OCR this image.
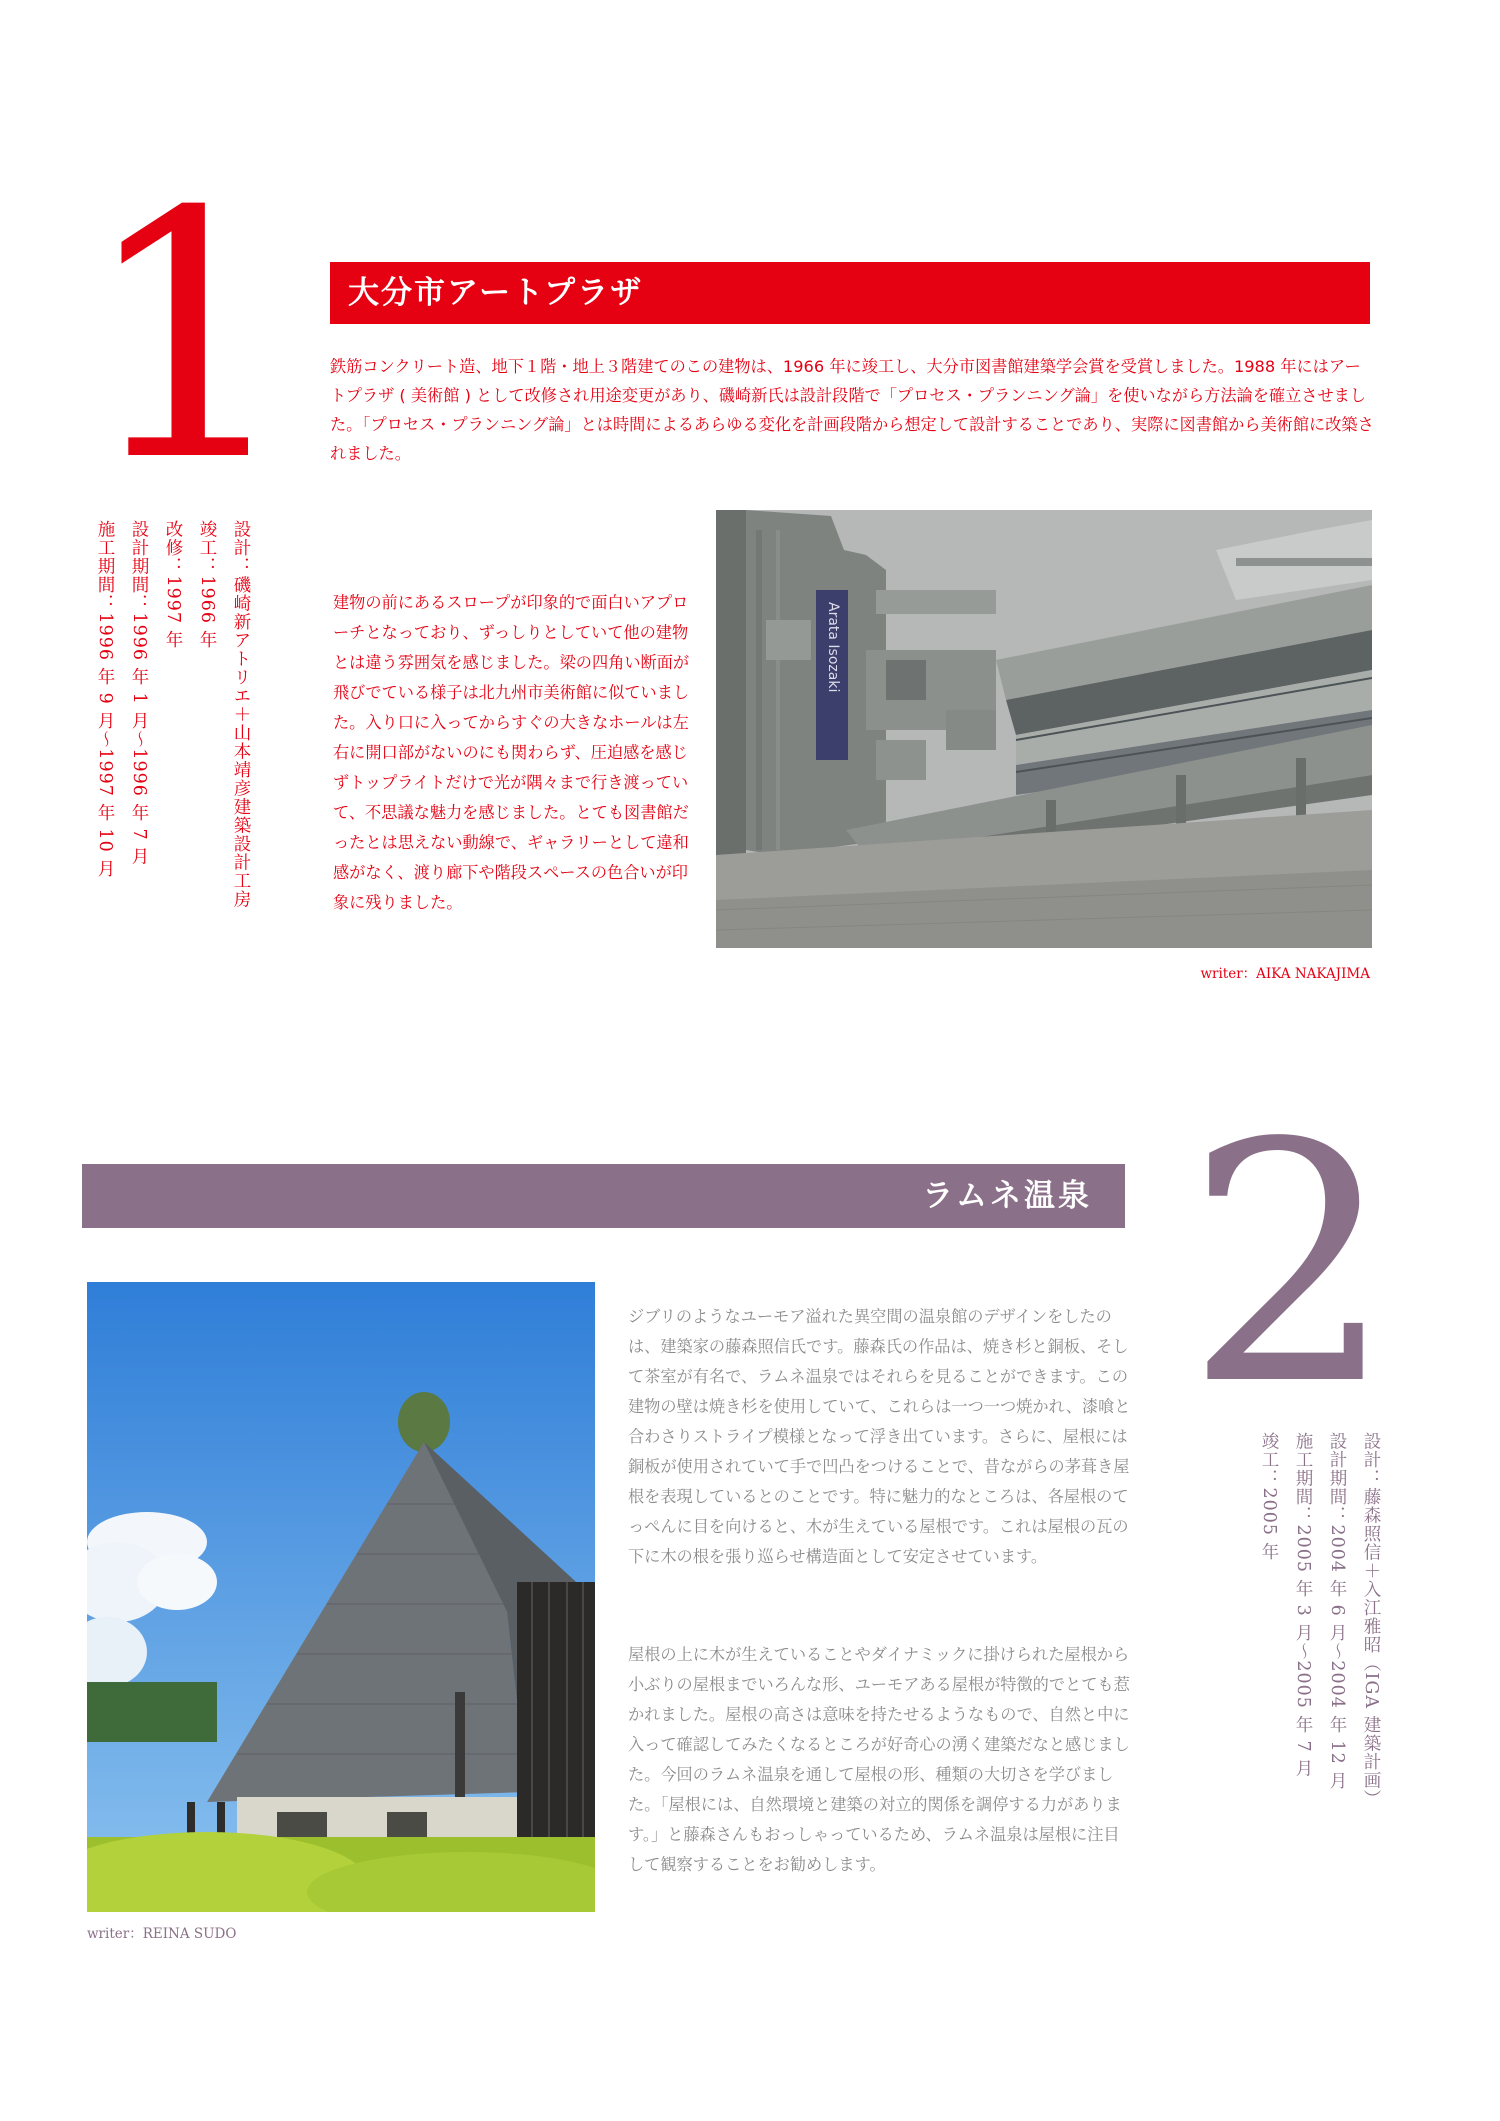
1
設計：磯崎新アトリエ＋山本靖彦建築設計工房
竣工：1966 年
改修：1997 年
設計期間：1996 年 1 月〜1996 年 7 月
施工期間：1996 年 9 月〜1997 年 10 月
大分市アートプラザ

鉄筋コンクリート造、地下１階・地上３階建てのこの建物は、1966 年に竣工し、大分市図書館建築学会賞を受賞しました。1988 年にはアートプラザ ( 美術館 ) として改修され用途変更があり、磯崎新氏は設計段階で「プロセス・プランニング論」を使いながら方法論を確立させました。「プロセス・プランニング論」とは時間によるあらゆる変化を計画段階から想定して設計することであり、実際に図書館から美術館に改築されました。

建物の前にあるスロープが印象的で面白いアプローチとなっており、ずっしりとしていて他の建物とは違う雰囲気を感じました。梁の四角い断面が飛びでている様子は北九州市美術館に似ていました。入り口に入ってからすぐの大きなホールは左右に開口部がないのにも関わらず、圧迫感を感じずトップライトだけで光が隅々まで行き渡っていて、不思議な魅力を感じました。とても図書館だったとは思えない動線で、ギャラリーとして違和感がなく、渡り廊下や階段スペースの色合いが印象に残りました。

Arata Isozaki
writer：AIKA NAKAJIMA
ラムネ温泉 2
設計：藤森照信＋入江雅昭（IGA 建築計画）
設計期間：2004 年 6 月〜2004 年 12 月
施工期間：2005 年 3 月〜2005 年 7 月
竣工：2005 年

ジブリのようなユーモア溢れた異空間の温泉館のデザインをしたのは、建築家の藤森照信氏です。藤森氏の作品は、焼き杉と銅板、そして茶室が有名で、ラムネ温泉ではそれらを見ることができます。この建物の壁は焼き杉を使用していて、これらは一つ一つ焼かれ、漆喰と合わさりストライプ模様となって浮き出ています。さらに、屋根には銅板が使用されていて手で凹凸をつけることで、昔ながらの茅葺き屋根を表現しているとのことです。特に魅力的なところは、各屋根のてっぺんに目を向けると、木が生えている屋根です。これは屋根の瓦の下に木の根を張り巡らせ構造面として安定させています。

屋根の上に木が生えていることやダイナミックに掛けられた屋根から小ぶりの屋根までいろんな形、ユーモアある屋根が特徴的でとても惹かれました。屋根の高さは意味を持たせるようなもので、自然と中に入って確認してみたくなるところが好奇心の湧く建築だなと感じました。今回のラムネ温泉を通して屋根の形、種類の大切さを学びました。「屋根には、自然環境と建築の対立的関係を調停する力があります。」と藤森さんもおっしゃっているため、ラムネ温泉は屋根に注目して観察することをお勧めします。

writer：REINA SUDO
